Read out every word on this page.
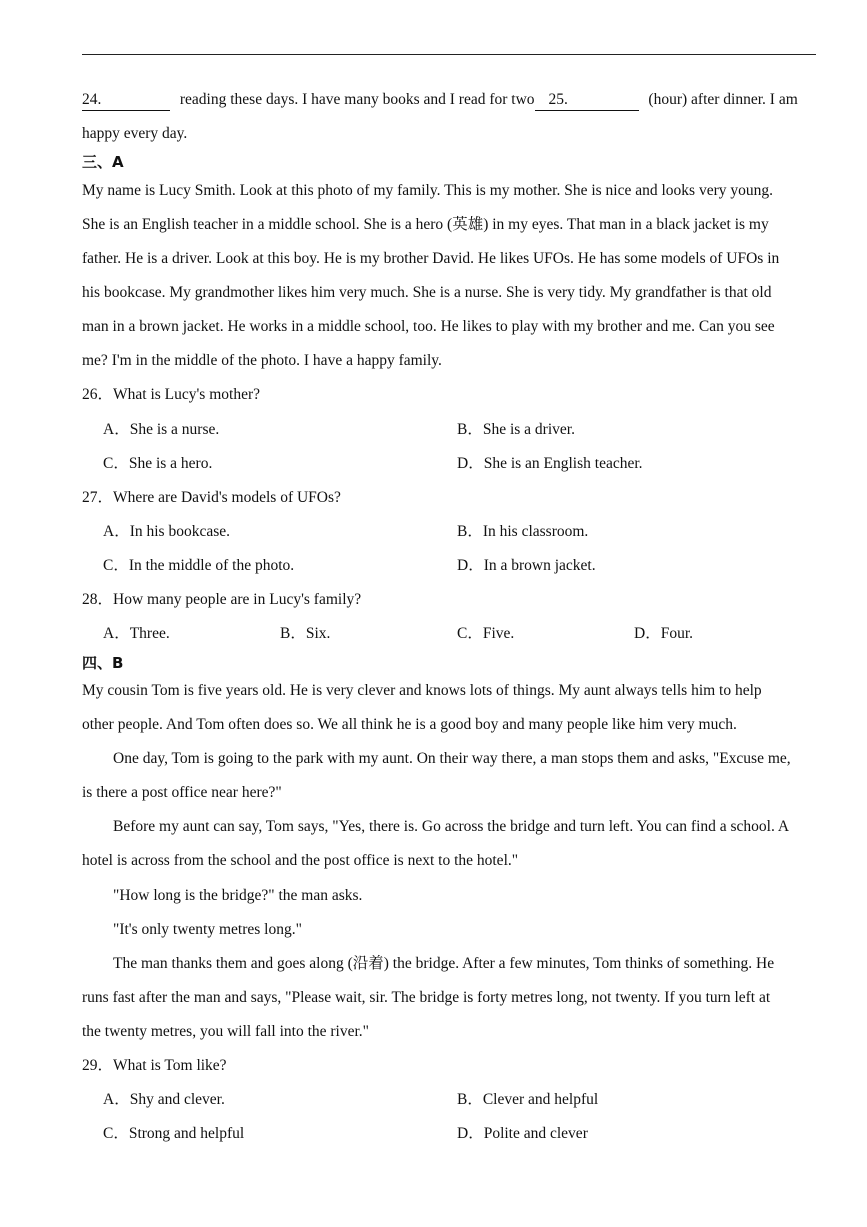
24.	reading these days. I have many books and I read for two 25.	(hour) after dinner. I am
happy every day.
三、A
My name is Lucy Smith. Look at this photo of my family. This is my mother. She is nice and looks very young.
She is an English teacher in a middle school. She is a hero (英雄) in my eyes. That man in a black jacket is my
father. He is a driver. Look at this boy. He is my brother David. He likes UFOs. He has some models of UFOs in
his bookcase. My grandmother likes him very much. She is a nurse. She is very tidy. My grandfather is that old
man in a brown jacket. He works in a middle school, too. He likes to play with my brother and me. Can you see
me? I'm in the middle of the photo. I have a happy family.
26．What is Lucy's mother?
A．She is a nurse.	B．She is a driver.
C．She is a hero.	D．She is an English teacher.
27．Where are David's models of UFOs?
A．In his bookcase.	B．In his classroom.
C．In the middle of the photo.	D．In a brown jacket.
28．How many people are in Lucy's family?
A．Three.	B．Six.	C．Five.	D．Four.
四、B
My cousin Tom is five years old. He is very clever and knows lots of things. My aunt always tells him to help
other people. And Tom often does so. We all think he is a good boy and many people like him very much.
One day, Tom is going to the park with my aunt. On their way there, a man stops them and asks, "Excuse me,
is there a post office near here?"
Before my aunt can say, Tom says, "Yes, there is. Go across the bridge and turn left. You can find a school. A
hotel is across from the school and the post office is next to the hotel."
"How long is the bridge?" the man asks.
"It's only twenty metres long."
The man thanks them and goes along (沿着) the bridge. After a few minutes, Tom thinks of something. He
runs fast after the man and says, "Please wait, sir. The bridge is forty metres long, not twenty. If you turn left at
the twenty metres, you will fall into the river."
29．What is Tom like?
A．Shy and clever.	B．Clever and helpful
C．Strong and helpful	D．Polite and clever
